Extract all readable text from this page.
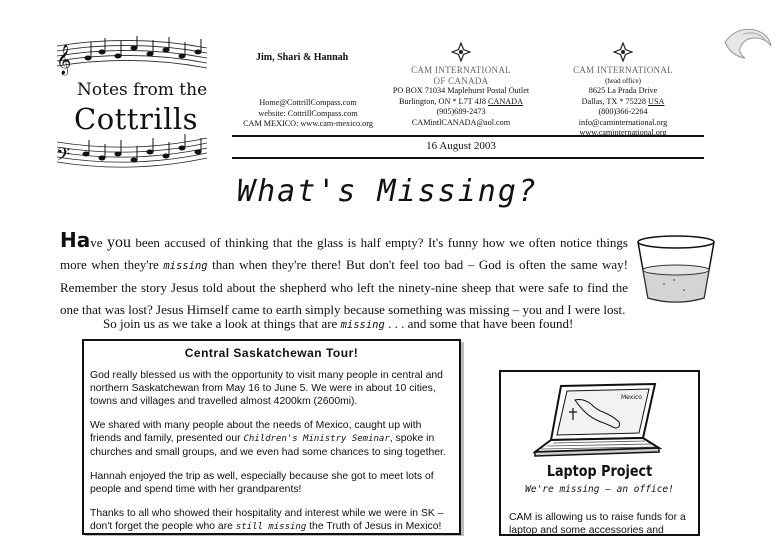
𝄞
Notes from the
Cottrills
𝄢
Jim, Shari & Hannah
Home@CottrillCompass.com
website: CottrillCompass.com
CAM MEXICO: www.cam-mexico.org
CAM INTERNATIONAL
OF CANADA
PO BOX 71034 Maplehurst Postal Outlet
Burlington, ON * L7T 4J8 CANADA
(905)689-2473
CAMintlCANADA@aol.com
CAM INTERNATIONAL
(head office)
8625 La Prada Drive
Dallas, TX * 75228 USA
(800)366-2264
info@caminternational.org
www.caminternational.org
16 August 2003
What's Missing?
Have you been accused of thinking that the glass is half empty? It's funny how we often notice things more when they're missing than when they're there! But don't feel too bad – God is often the same way! Remember the story Jesus told about the shepherd who left the ninety-nine sheep that were safe to find the one that was lost? Jesus Himself came to earth simply because something was missing – you and I were lost.
So join us as we take a look at things that are missing . . . and some that have been found!
Central Saskatchewan Tour!

God really blessed us with the opportunity to visit many people in central and northern Saskatchewan from May 16 to June 5. We were in about 10 cities, towns and villages and travelled almost 4200km (2600mi).

We shared with many people about the needs of Mexico, caught up with friends and family, presented our Children's Ministry Seminar, spoke in churches and small groups, and we even had some chances to sing together.

Hannah enjoyed the trip as well, especially because she got to meet lots of people and spend time with her grandparents!

Thanks to all who showed their hospitality and interest while we were in SK – don't forget the people who are still missing the Truth of Jesus in Mexico!

Mexico
Laptop Project
We're missing – an office!
CAM is allowing us to raise funds for a laptop and some accessories and
